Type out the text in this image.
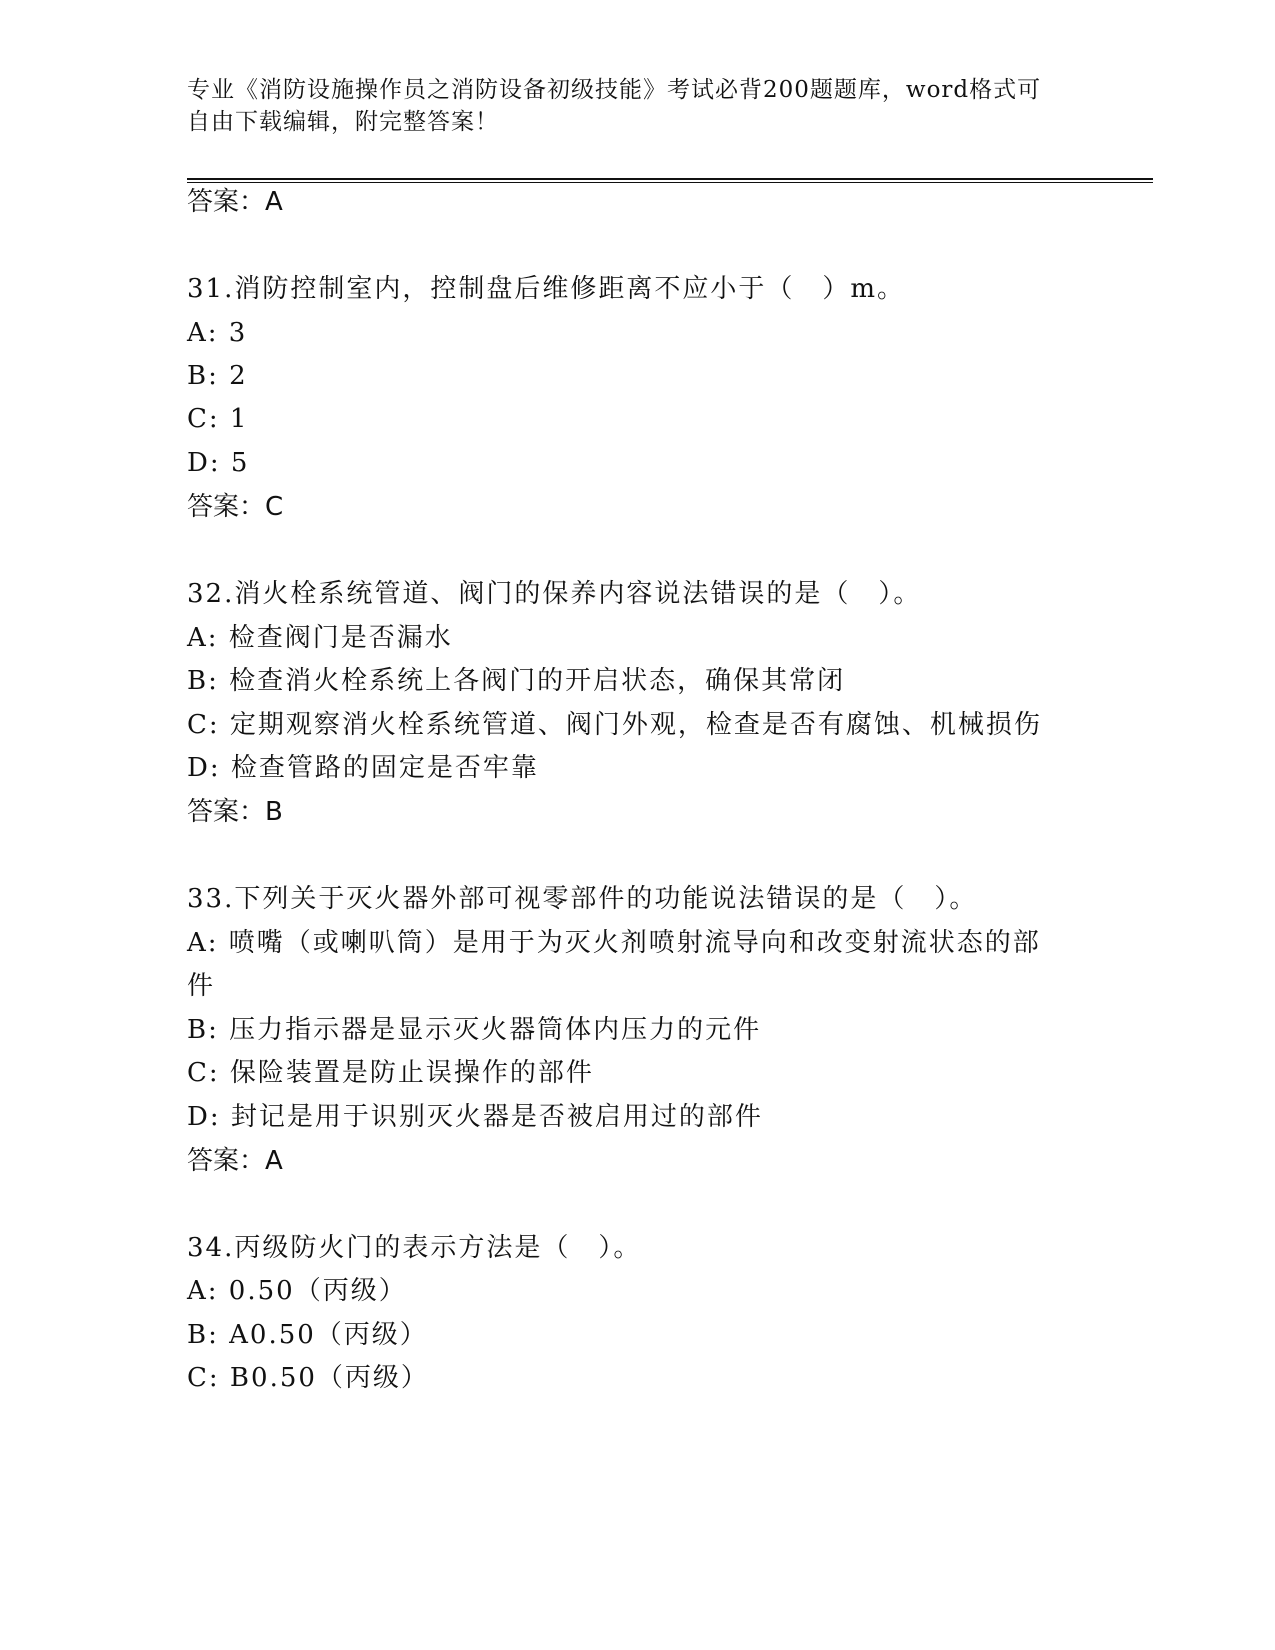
专业《消防设施操作员之消防设备初级技能》考试必背200题题库，word格式可
自由下载编辑，附完整答案！
答案：A
31.消防控制室内，控制盘后维修距离不应小于（　）m。
A: 3
B: 2
C: 1
D: 5
答案：C
32.消火栓系统管道、阀门的保养内容说法错误的是（　）。
A: 检查阀门是否漏水
B: 检查消火栓系统上各阀门的开启状态，确保其常闭
C: 定期观察消火栓系统管道、阀门外观，检查是否有腐蚀、机械损伤
D: 检查管路的固定是否牢靠
答案：B
33.下列关于灭火器外部可视零部件的功能说法错误的是（　）。
A: 喷嘴（或喇叭筒）是用于为灭火剂喷射流导向和改变射流状态的部
件
B: 压力指示器是显示灭火器筒体内压力的元件
C: 保险装置是防止误操作的部件
D: 封记是用于识别灭火器是否被启用过的部件
答案：A
34.丙级防火门的表示方法是（　）。
A: 0.50（丙级）
B: A0.50（丙级）
C: B0.50（丙级）
